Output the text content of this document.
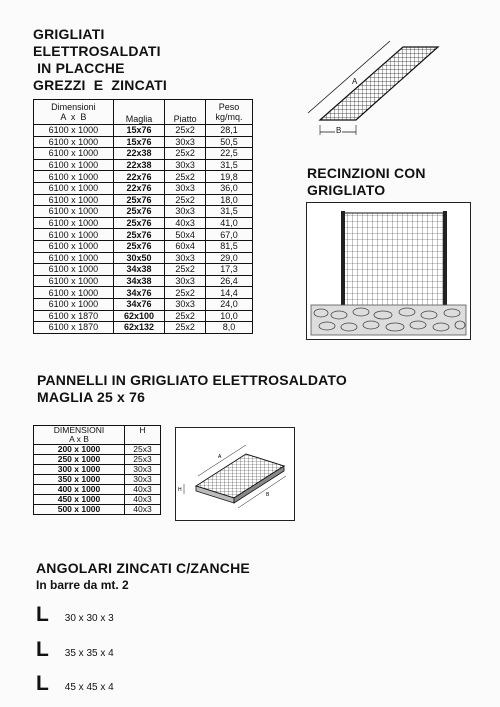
GRIGLIATI
ELETTROSALDATI
IN PLACCHE
GREZZI  E  ZINCATI
Dimensioni
A  x  B	Maglia	Piatto	Peso
kg/mq.
6100 x 1000	15x76	25x2	28,1
6100 x 1000	15x76	30x3	50,5
6100 x 1000	22x38	25x2	22,5
6100 x 1000	22x38	30x3	31,5
6100 x 1000	22x76	25x2	19,8
6100 x 1000	22x76	30x3	36,0
6100 x 1000	25x76	25x2	18,0
6100 x 1000	25x76	30x3	31,5
6100 x 1000	25x76	40x3	41,0
6100 x 1000	25x76	50x4	67,0
6100 x 1000	25x76	60x4	81,5
6100 x 1000	30x50	30x3	29,0
6100 x 1000	34x38	25x2	17,3
6100 x 1000	34x38	30x3	26,4
6100 x 1000	34x76	25x2	14,4
6100 x 1000	34x76	30x3	24,0
6100 x 1870	62x100	25x2	10,0
6100 x 1870	62x132	25x2	8,0
A
B
RECINZIONI CON
GRIGLIATO
PANNELLI IN GRIGLIATO ELETTROSALDATO
MAGLIA 25 x 76
DIMENSIONI
A x B	H
200 x 1000	25x3
250 x 1000	25x3
300 x 1000	30x3
350 x 1000	30x3
400 x 1000	40x3
450 x 1000	40x3
500 x 1000	40x3
A
B
H
ANGOLARI ZINCATI C/ZANCHE
In barre da mt. 2
L 30 x 30 x 3
L 35 x 35 x 4
L 45 x 45 x 4
